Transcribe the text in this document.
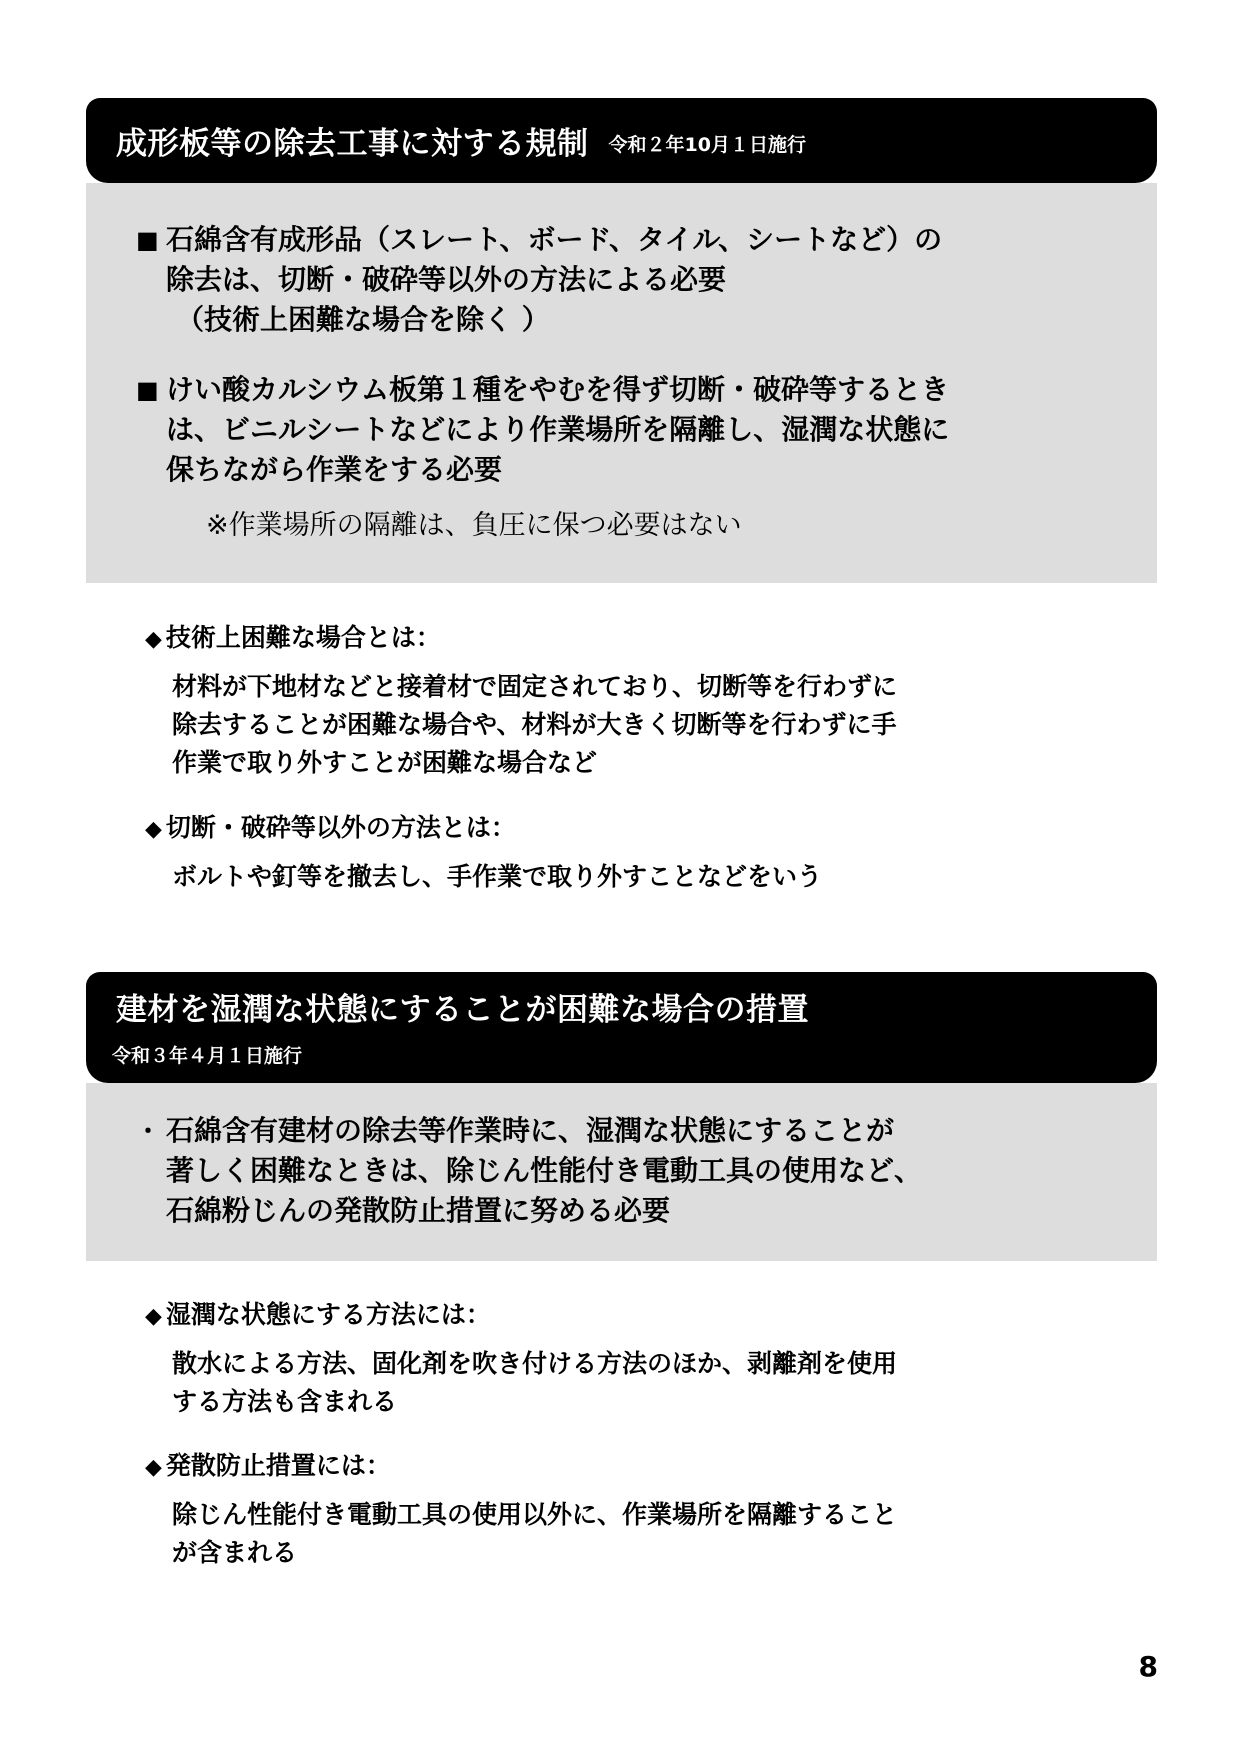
成形板等の除去工事に対する規制 令和２年10月１日施行
■ 石綿含有成形品（スレート、ボード、タイル、シートなど）の
除去は、切断・破砕等以外の方法による必要
（技術上困難な場合を除く ）
■ けい酸カルシウム板第１種をやむを得ず切断・破砕等するとき
は、ビニルシートなどにより作業場所を隔離し、湿潤な状態に
保ちながら作業をする必要
※作業場所の隔離は、負圧に保つ必要はない
◆ 技術上困難な場合とは：
材料が下地材などと接着材で固定されており、切断等を行わずに
除去することが困難な場合や、材料が大きく切断等を行わずに手
作業で取り外すことが困難な場合など
◆ 切断・破砕等以外の方法とは：
ボルトや釘等を撤去し、手作業で取り外すことなどをいう
建材を湿潤な状態にすることが困難な場合の措置
令和３年４月１日施行
・ 石綿含有建材の除去等作業時に、湿潤な状態にすることが
著しく困難なときは、除じん性能付き電動工具の使用など、
石綿粉じんの発散防止措置に努める必要
◆ 湿潤な状態にする方法には：
散水による方法、固化剤を吹き付ける方法のほか、剥離剤を使用
する方法も含まれる
◆ 発散防止措置には：
除じん性能付き電動工具の使用以外に、作業場所を隔離すること
が含まれる
8
